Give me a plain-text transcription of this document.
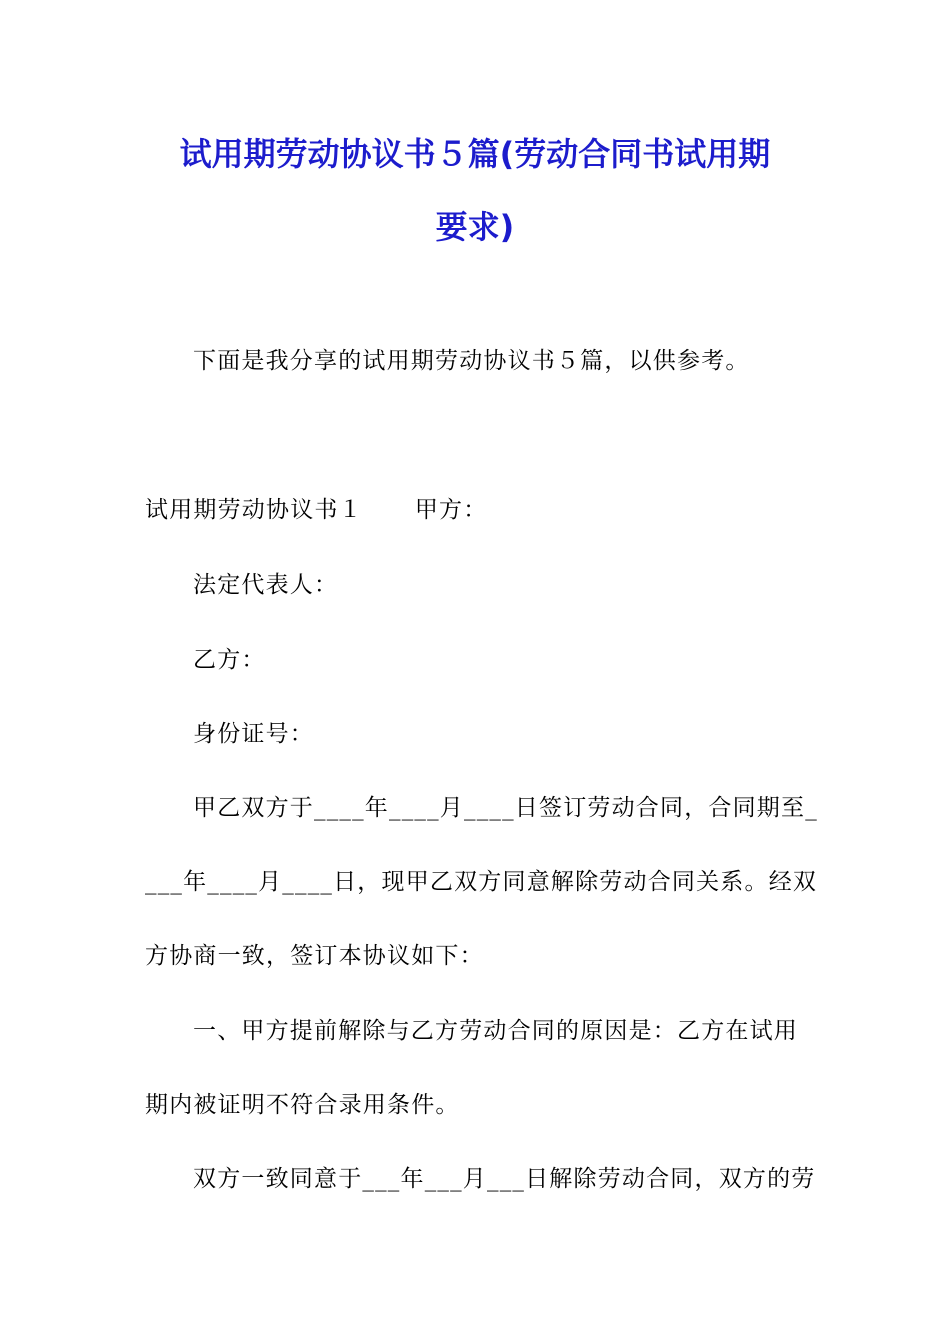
试用期劳动协议书５篇(劳动合同书试用期
要求)
下面是我分享的试用期劳动协议书５篇，以供参考。
试用期劳动协议书１ 甲方：
法定代表人：
乙方：
身份证号：
甲乙双方于____年____月____日签订劳动合同，合同期至_
___年____月____日，现甲乙双方同意解除劳动合同关系。经双
方协商一致，签订本协议如下：
一、甲方提前解除与乙方劳动合同的原因是：乙方在试用
期内被证明不符合录用条件。
双方一致同意于___年___月___日解除劳动合同，双方的劳
